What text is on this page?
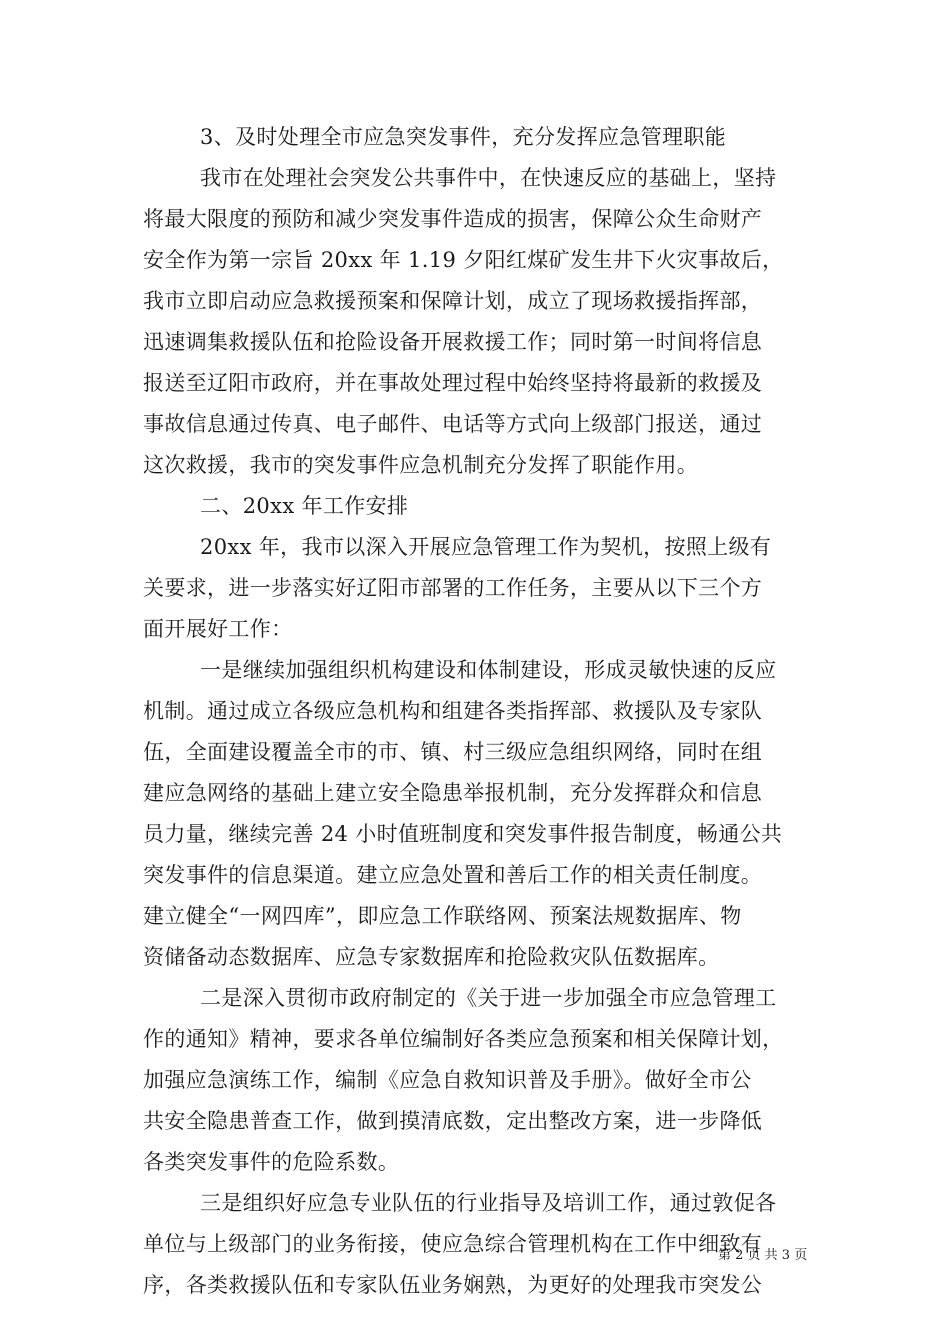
3、及时处理全市应急突发事件，充分发挥应急管理职能
我市在处理社会突发公共事件中，在快速反应的基础上，坚持
将最大限度的预防和减少突发事件造成的损害，保障公众生命财产
安全作为第一宗旨 20xx 年 1.19 夕阳红煤矿发生井下火灾事故后，
我市立即启动应急救援预案和保障计划，成立了现场救援指挥部，
迅速调集救援队伍和抢险设备开展救援工作；同时第一时间将信息
报送至辽阳市政府，并在事故处理过程中始终坚持将最新的救援及
事故信息通过传真、电子邮件、电话等方式向上级部门报送，通过
这次救援，我市的突发事件应急机制充分发挥了职能作用。
二、20xx 年工作安排
20xx 年，我市以深入开展应急管理工作为契机，按照上级有
关要求，进一步落实好辽阳市部署的工作任务，主要从以下三个方
面开展好工作：
一是继续加强组织机构建设和体制建设，形成灵敏快速的反应
机制。通过成立各级应急机构和组建各类指挥部、救援队及专家队
伍，全面建设覆盖全市的市、镇、村三级应急组织网络，同时在组
建应急网络的基础上建立安全隐患举报机制，充分发挥群众和信息
员力量，继续完善 24 小时值班制度和突发事件报告制度，畅通公共
突发事件的信息渠道。建立应急处置和善后工作的相关责任制度。
建立健全“一网四库”，即应急工作联络网、预案法规数据库、物
资储备动态数据库、应急专家数据库和抢险救灾队伍数据库。
二是深入贯彻市政府制定的《关于进一步加强全市应急管理工
作的通知》精神，要求各单位编制好各类应急预案和相关保障计划，
加强应急演练工作，编制《应急自救知识普及手册》。做好全市公
共安全隐患普查工作，做到摸清底数，定出整改方案，进一步降低
各类突发事件的危险系数。
三是组织好应急专业队伍的行业指导及培训工作，通过敦促各
单位与上级部门的业务衔接，使应急综合管理机构在工作中细致有
序，各类救援队伍和专家队伍业务娴熟，为更好的处理我市突发公
第 2 页 共 3 页
